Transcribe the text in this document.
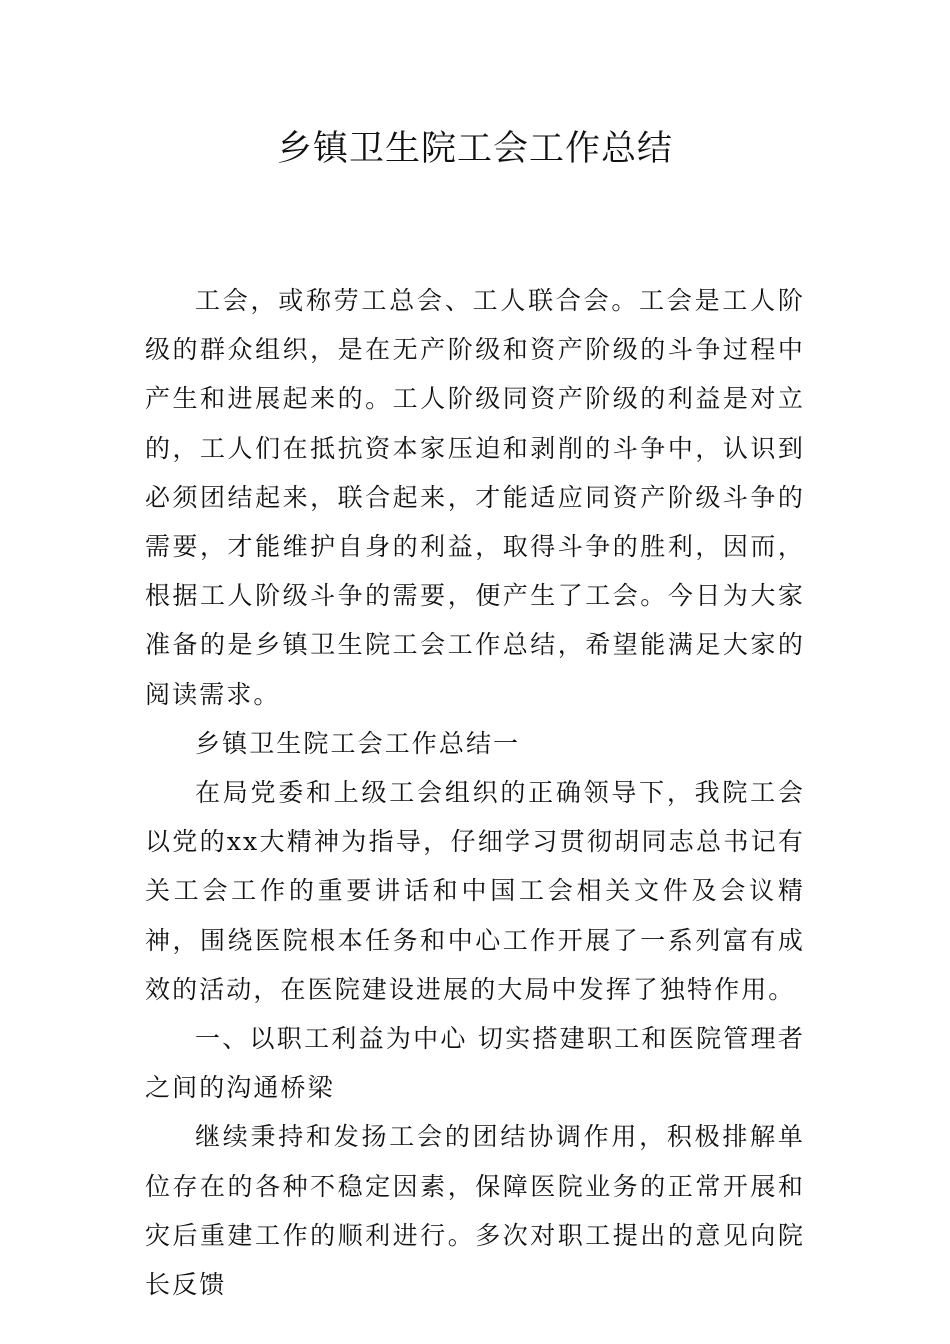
乡镇卫生院工会工作总结

工会，或称劳工总会、工人联合会。工会是工人阶级的群众组织，是在无产阶级和资产阶级的斗争过程中产生和进展起来的。工人阶级同资产阶级的利益是对立的，工人们在抵抗资本家压迫和剥削的斗争中，认识到必须团结起来，联合起来，才能适应同资产阶级斗争的需要，才能维护自身的利益，取得斗争的胜利，因而，根据工人阶级斗争的需要，便产生了工会。今日为大家准备的是乡镇卫生院工会工作总结，希望能满足大家的阅读需求。

乡镇卫生院工会工作总结一

在局党委和上级工会组织的正确领导下，我院工会以党的xx大精神为指导，仔细学习贯彻胡同志总书记有关工会工作的重要讲话和中国工会相关文件及会议精神，围绕医院根本任务和中心工作开展了一系列富有成效的活动，在医院建设进展的大局中发挥了独特作用。

一、以职工利益为中心 切实搭建职工和医院管理者之间的沟通桥梁

继续秉持和发扬工会的团结协调作用，积极排解单位存在的各种不稳定因素，保障医院业务的正常开展和灾后重建工作的顺利进行。多次对职工提出的意见向院长反馈
